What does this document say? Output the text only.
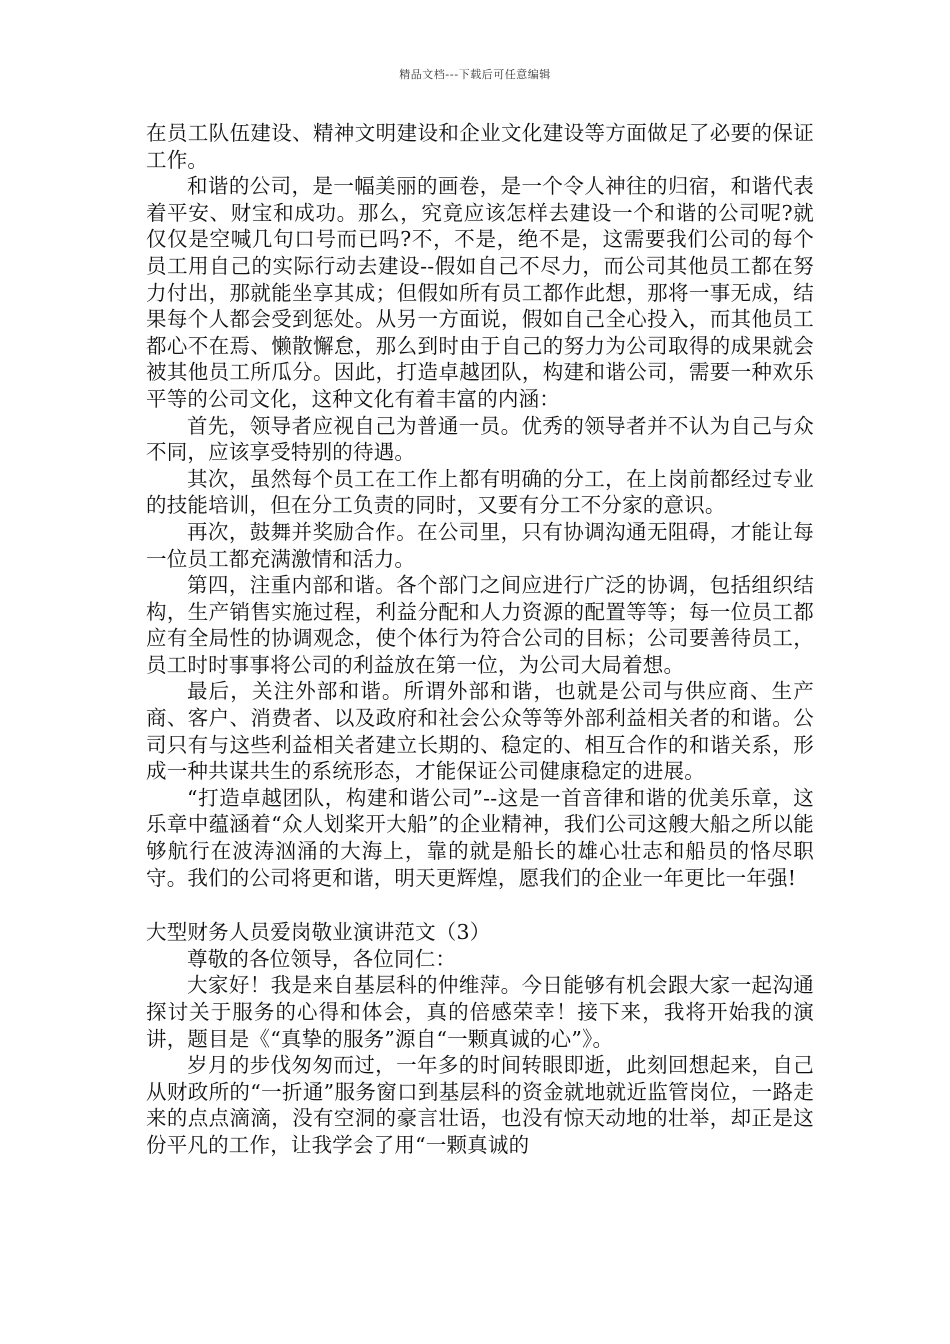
精品文档---下载后可任意编辑

在员工队伍建设、精神文明建设和企业文化建设等方面做足了必要的保证工作。

和谐的公司，是一幅美丽的画卷，是一个令人神往的归宿，和谐代表着平安、财宝和成功。那么，究竟应该怎样去建设一个和谐的公司呢?就仅仅是空喊几句口号而已吗?不，不是，绝不是，这需要我们公司的每个员工用自己的实际行动去建设--假如自己不尽力，而公司其他员工都在努力付出，那就能坐享其成；但假如所有员工都作此想，那将一事无成，结果每个人都会受到惩处。从另一方面说，假如自己全心投入，而其他员工都心不在焉、懒散懈怠，那么到时由于自己的努力为公司取得的成果就会被其他员工所瓜分。因此，打造卓越团队，构建和谐公司，需要一种欢乐平等的公司文化，这种文化有着丰富的内涵：

首先，领导者应视自己为普通一员。优秀的领导者并不认为自己与众不同，应该享受特别的待遇。

其次，虽然每个员工在工作上都有明确的分工，在上岗前都经过专业的技能培训，但在分工负责的同时，又要有分工不分家的意识。

再次，鼓舞并奖励合作。在公司里，只有协调沟通无阻碍，才能让每一位员工都充满激情和活力。

第四，注重内部和谐。各个部门之间应进行广泛的协调，包括组织结构，生产销售实施过程，利益分配和人力资源的配置等等；每一位员工都应有全局性的协调观念，使个体行为符合公司的目标；公司要善待员工，员工时时事事将公司的利益放在第一位，为公司大局着想。

最后，关注外部和谐。所谓外部和谐，也就是公司与供应商、生产商、客户、消费者、以及政府和社会公众等等外部利益相关者的和谐。公司只有与这些利益相关者建立长期的、稳定的、相互合作的和谐关系，形成一种共谋共生的系统形态，才能保证公司健康稳定的进展。

“打造卓越团队，构建和谐公司”--这是一首音律和谐的优美乐章，这乐章中蕴涵着“众人划桨开大船”的企业精神，我们公司这艘大船之所以能够航行在波涛汹涌的大海上，靠的就是船长的雄心壮志和船员的恪尽职守。我们的公司将更和谐，明天更辉煌，愿我们的企业一年更比一年强!

大型财务人员爱岗敬业演讲范文（3）

尊敬的各位领导，各位同仁：

大家好！我是来自基层科的仲维萍。今日能够有机会跟大家一起沟通探讨关于服务的心得和体会，真的倍感荣幸！接下来，我将开始我的演讲，题目是《“真挚的服务”源自“一颗真诚的心”》。

岁月的步伐匆匆而过，一年多的时间转眼即逝，此刻回想起来，自己从财政所的“一折通”服务窗口到基层科的资金就地就近监管岗位，一路走来的点点滴滴，没有空洞的豪言壮语，也没有惊天动地的壮举，却正是这份平凡的工作，让我学会了用“一颗真诚的
